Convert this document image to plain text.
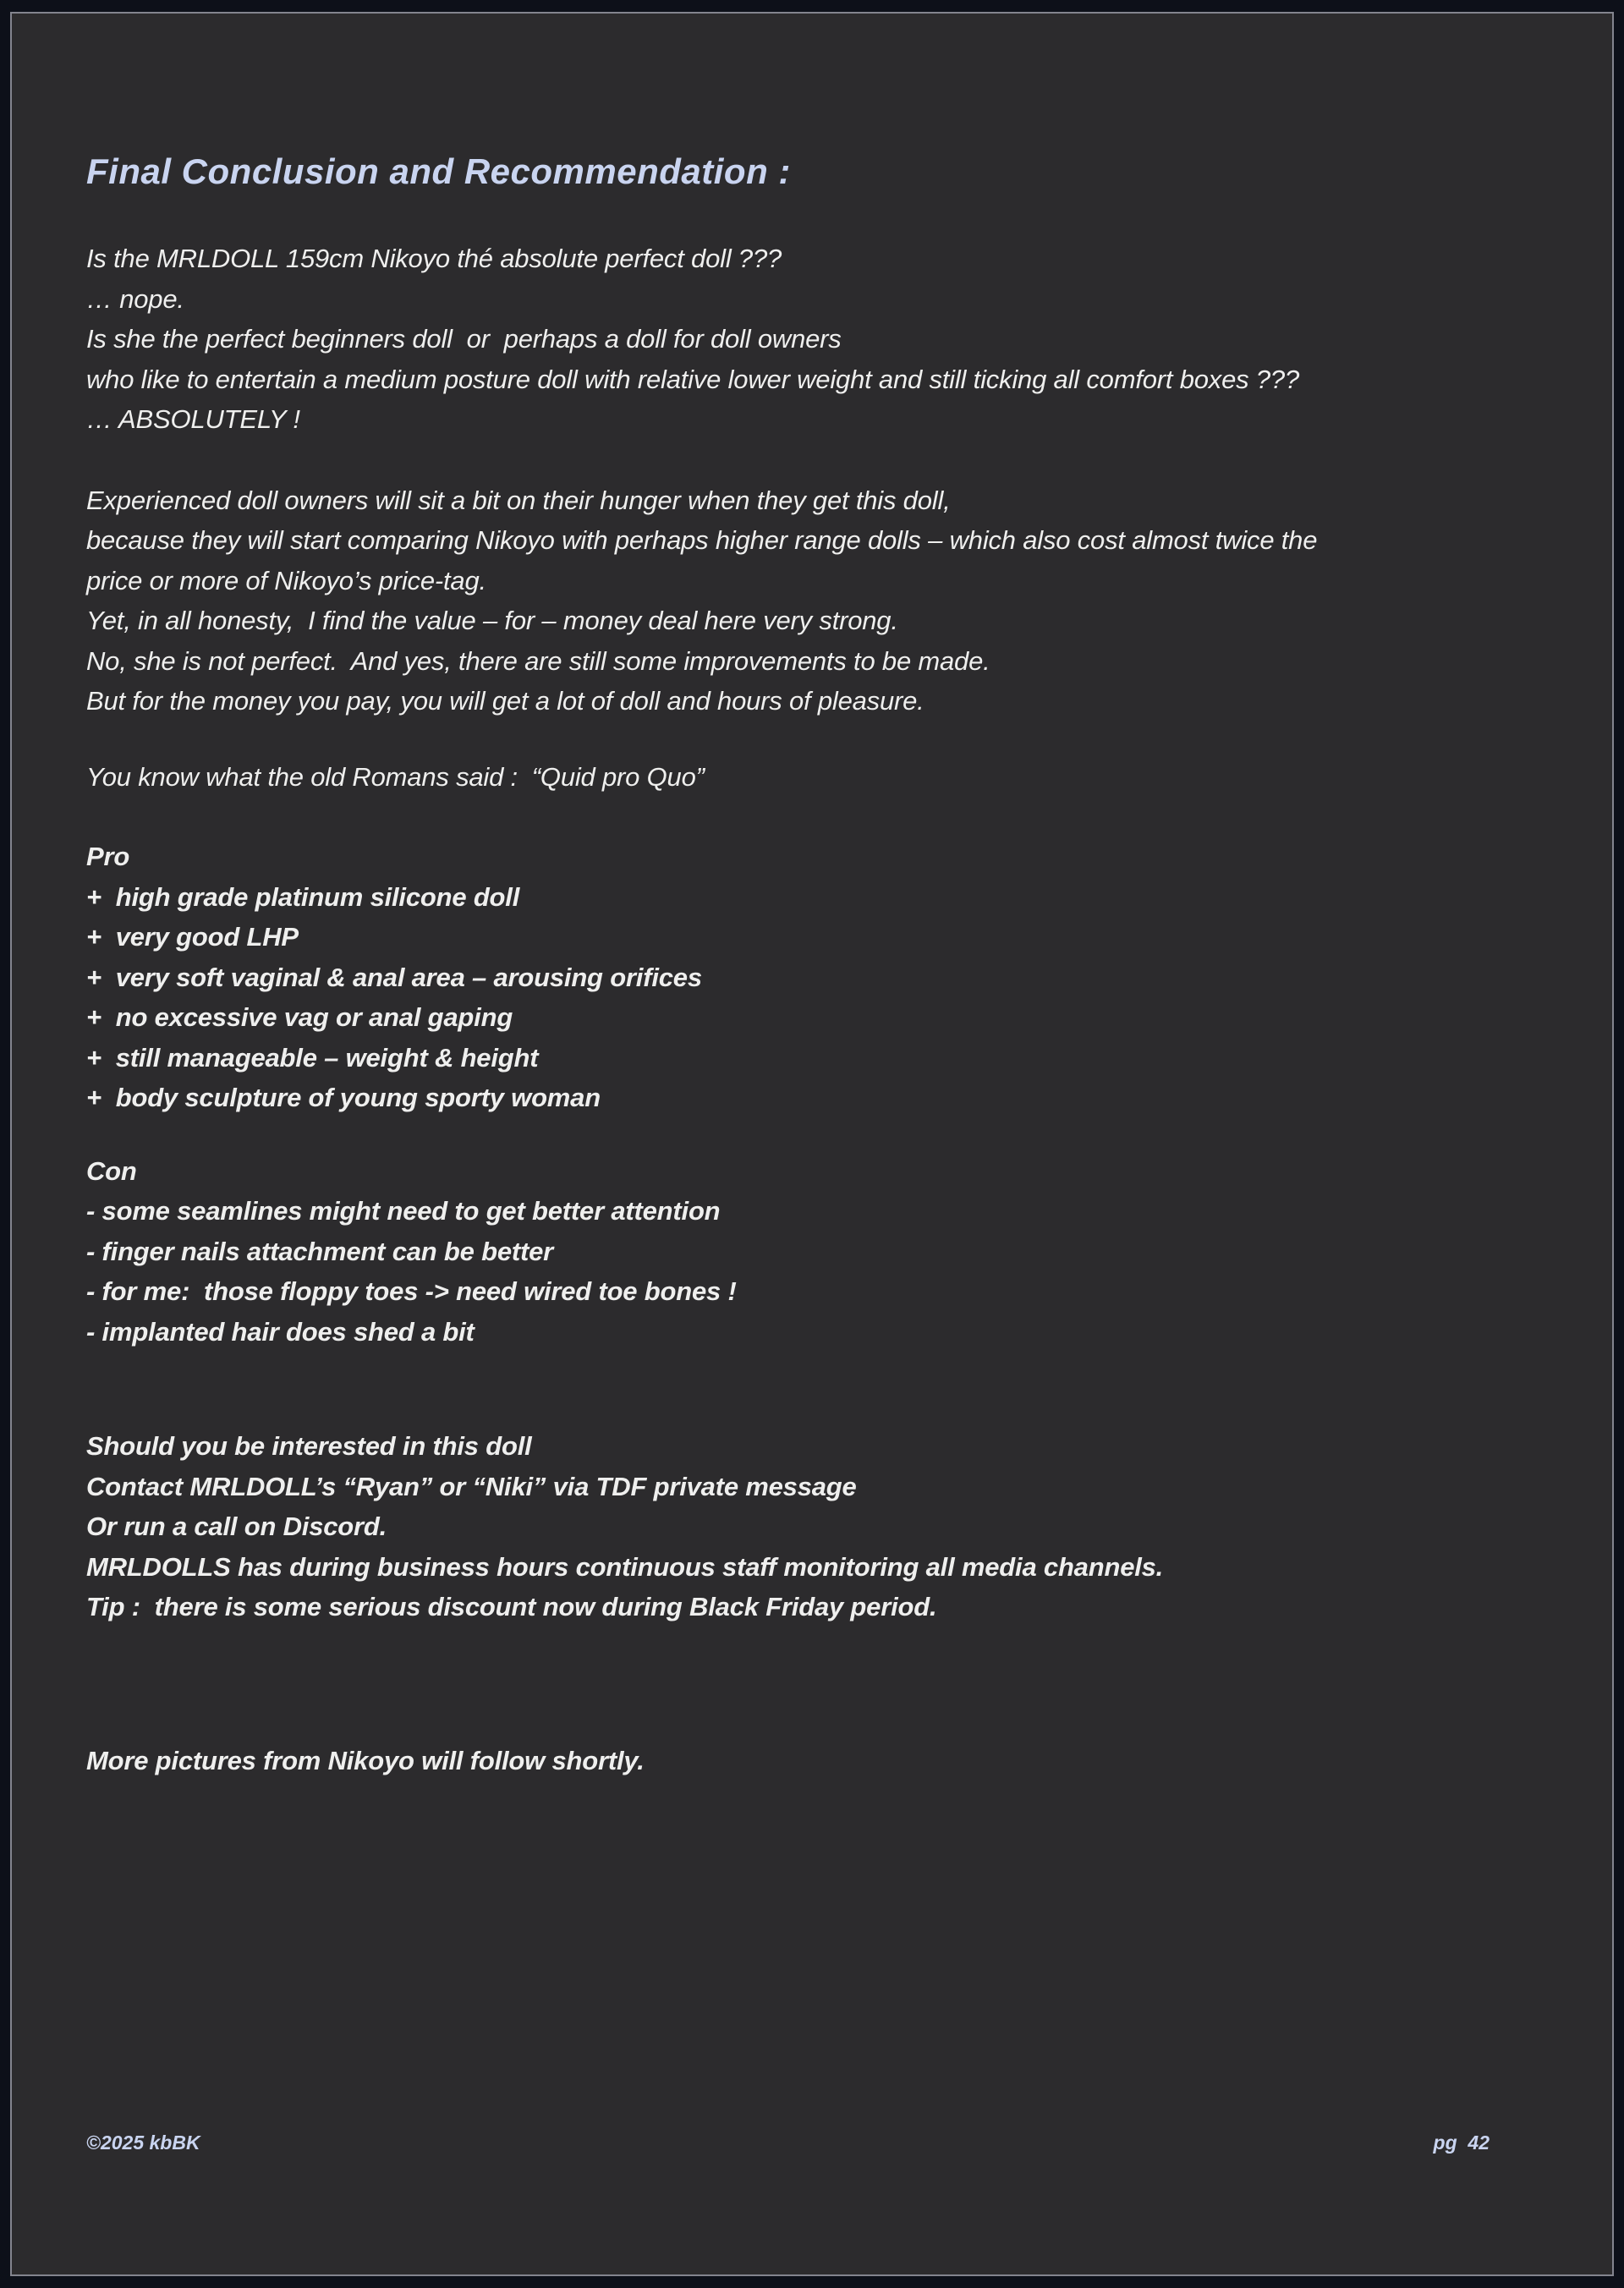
Final Conclusion and Recommendation :
Is the MRLDOLL 159cm Nikoyo thé absolute perfect doll ???
… nope.
Is she the perfect beginners doll  or  perhaps a doll for doll owners
who like to entertain a medium posture doll with relative lower weight and still ticking all comfort boxes ???
… ABSOLUTELY !
Experienced doll owners will sit a bit on their hunger when they get this doll,
because they will start comparing Nikoyo with perhaps higher range dolls – which also cost almost twice the
price or more of Nikoyo’s price-tag.
Yet, in all honesty,  I find the value – for – money deal here very strong.
No, she is not perfect.  And yes, there are still some improvements to be made.
But for the money you pay, you will get a lot of doll and hours of pleasure.
You know what the old Romans said :  “Quid pro Quo”
Pro
+  high grade platinum silicone doll
+  very good LHP
+  very soft vaginal & anal area – arousing orifices
+  no excessive vag or anal gaping
+  still manageable – weight & height
+  body sculpture of young sporty woman
Con
- some seamlines might need to get better attention
- finger nails attachment can be better
- for me:  those floppy toes -> need wired toe bones !
- implanted hair does shed a bit
Should you be interested in this doll
Contact MRLDOLL’s “Ryan” or “Niki” via TDF private message
Or run a call on Discord.
MRLDOLLS has during business hours continuous staff monitoring all media channels.
Tip :  there is some serious discount now during Black Friday period.
More pictures from Nikoyo will follow shortly.
©2025 kbBK	pg  42
